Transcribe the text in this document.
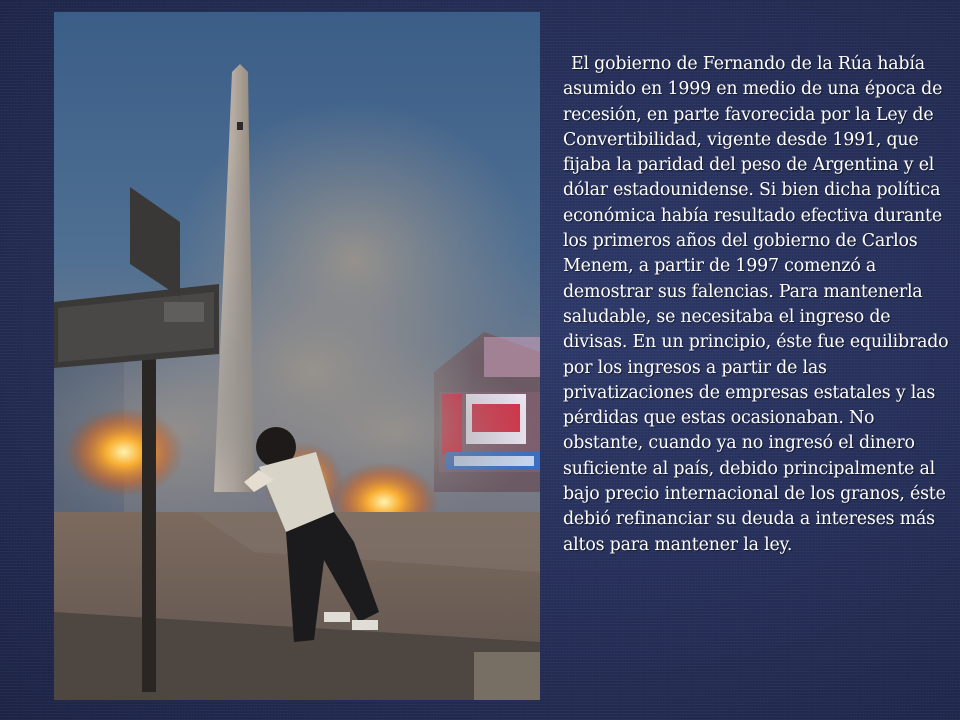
El gobierno de Fernando de la Rúa había asumido en 1999 en medio de una época de recesión, en parte favorecida por la Ley de Convertibilidad, vigente desde 1991, que fijaba la paridad del peso de Argentina y el dólar estadounidense. Si bien dicha política económica había resultado efectiva durante los primeros años del gobierno de Carlos Menem, a partir de 1997 comenzó a demostrar sus falencias. Para mantenerla saludable, se necesitaba el ingreso de divisas. En un principio, éste fue equilibrado por los ingresos a partir de las privatizaciones de empresas estatales y las pérdidas que estas ocasionaban. No obstante, cuando ya no ingresó el dinero suficiente al país, debido principalmente al bajo precio internacional de los granos, éste debió refinanciar su deuda a intereses más altos para mantener la ley.
